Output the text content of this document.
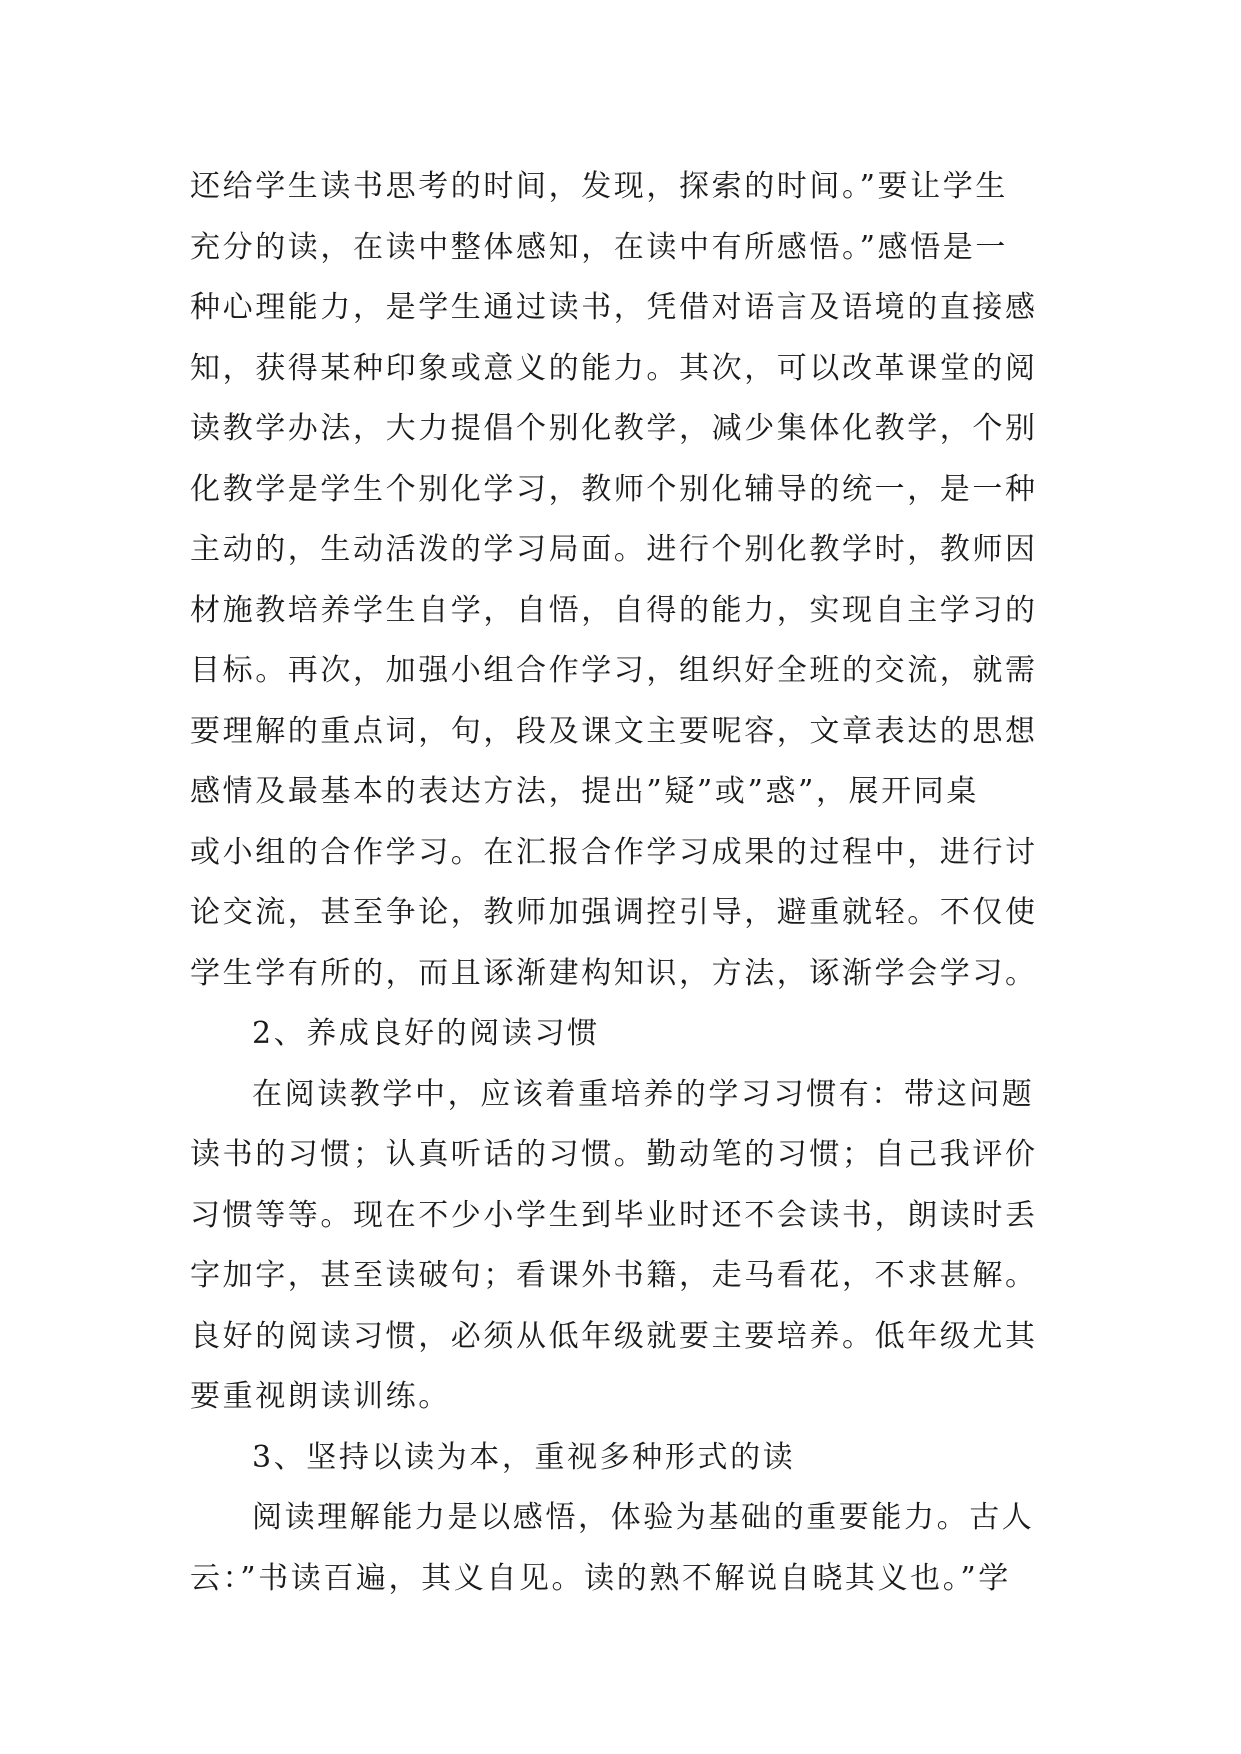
还给学生读书思考的时间，发现，探索的时间。”要让学生
充分的读，在读中整体感知，在读中有所感悟。”感悟是一
种心理能力，是学生通过读书，凭借对语言及语境的直接感
知，获得某种印象或意义的能力。其次，可以改革课堂的阅
读教学办法，大力提倡个别化教学，减少集体化教学，个别
化教学是学生个别化学习，教师个别化辅导的统一，是一种
主动的，生动活泼的学习局面。进行个别化教学时，教师因
材施教培养学生自学，自悟，自得的能力，实现自主学习的
目标。再次，加强小组合作学习，组织好全班的交流，就需
要理解的重点词，句，段及课文主要呢容，文章表达的思想
感情及最基本的表达方法，提出”疑”或”惑”，展开同桌
或小组的合作学习。在汇报合作学习成果的过程中，进行讨
论交流，甚至争论，教师加强调控引导，避重就轻。不仅使
学生学有所的，而且诼渐建构知识，方法，诼渐学会学习。
2、养成良好的阅读习惯
在阅读教学中，应该着重培养的学习习惯有：带这问题
读书的习惯；认真听话的习惯。勤动笔的习惯；自己我评价
习惯等等。现在不少小学生到毕业时还不会读书，朗读时丢
字加字，甚至读破句；看课外书籍，走马看花，不求甚解。
良好的阅读习惯，必须从低年级就要主要培养。低年级尤其
要重视朗读训练。
3、坚持以读为本，重视多种形式的读
阅读理解能力是以感悟，体验为基础的重要能力。古人
云：”书读百遍，其义自见。读的熟不解说自晓其义也。”学
